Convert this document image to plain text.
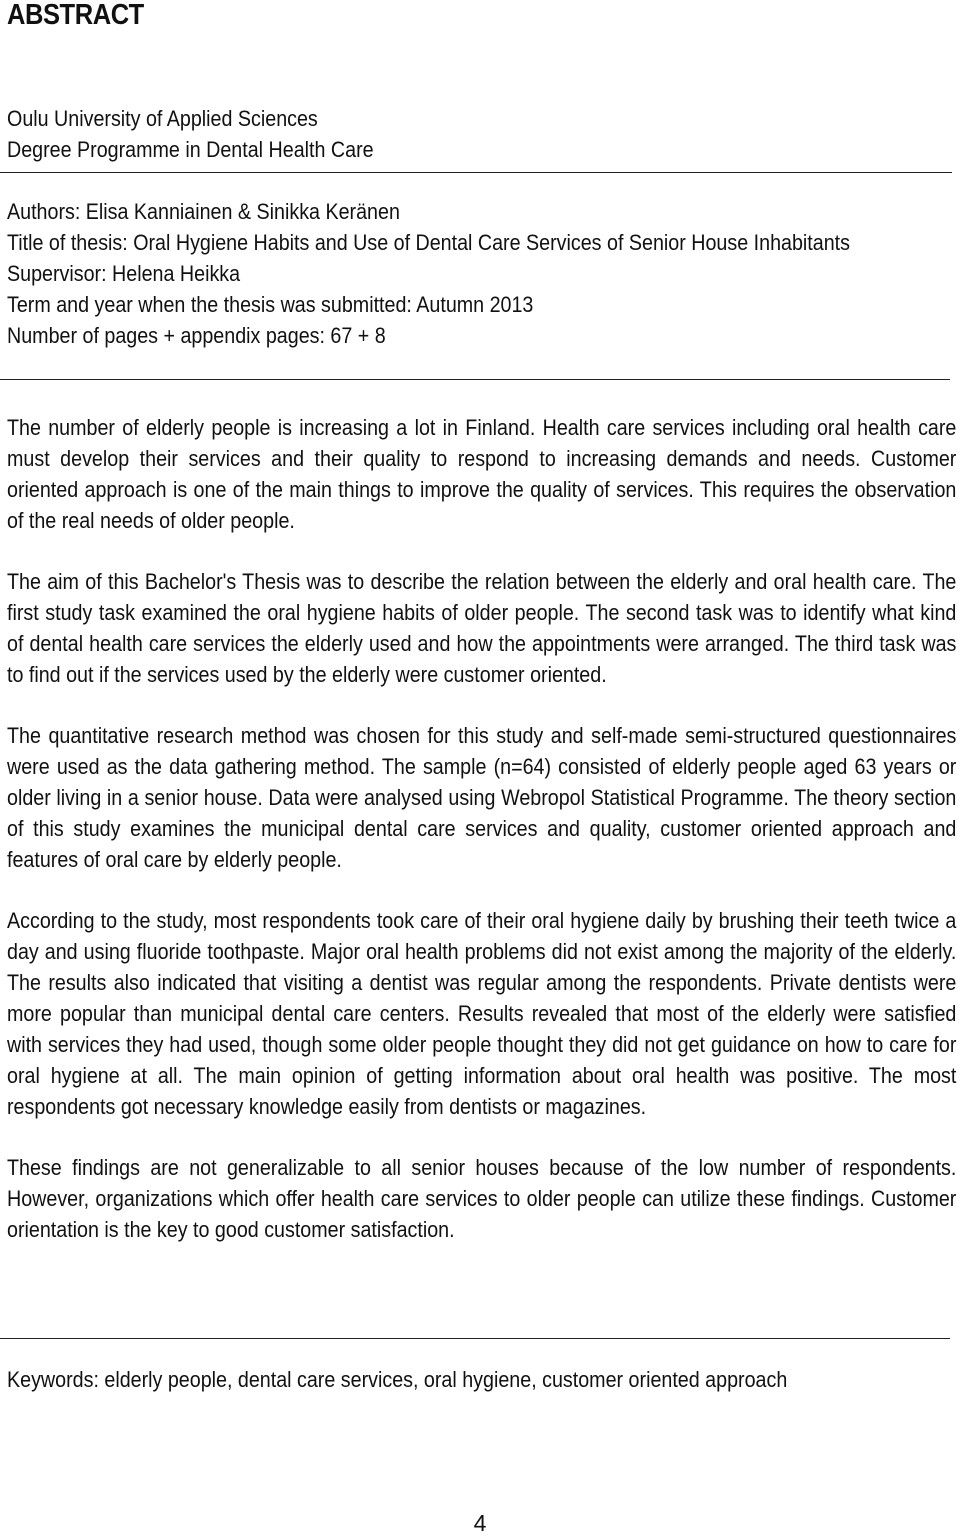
ABSTRACT
Oulu University of Applied Sciences
Degree Programme in Dental Health Care
Authors: Elisa Kanniainen & Sinikka Keränen
Title of thesis: Oral Hygiene Habits and Use of Dental Care Services of Senior House Inhabitants
Supervisor: Helena Heikka
Term and year when the thesis was submitted: Autumn 2013
Number of pages + appendix pages: 67 + 8

The number of elderly people is increasing a lot in Finland. Health care services including oral health care must develop their services and their quality to respond to increasing demands and needs. Customer oriented approach is one of the main things to improve the quality of services. This requires the observation of the real needs of older people.

The aim of this Bachelor's Thesis was to describe the relation between the elderly and oral health care. The first study task examined the oral hygiene habits of older people. The second task was to identify what kind of dental health care services the elderly used and how the appointments were arranged. The third task was to find out if the services used by the elderly were customer oriented.

The quantitative research method was chosen for this study and self-made semi-structured questionnaires were used as the data gathering method. The sample (n=64) consisted of elderly people aged 63 years or older living in a senior house. Data were analysed using Webropol Statistical Programme. The theory section of this study examines the municipal dental care services and quality, customer oriented approach and features of oral care by elderly people.

According to the study, most respondents took care of their oral hygiene daily by brushing their teeth twice a day and using fluoride toothpaste. Major oral health problems did not exist among the majority of the elderly. The results also indicated that visiting a dentist was regular among the respondents. Private dentists were more popular than municipal dental care centers. Results revealed that most of the elderly were satisfied with services they had used, though some older people thought they did not get guidance on how to care for oral hygiene at all. The main opinion of getting information about oral health was positive. The most respondents got necessary knowledge easily from dentists or magazines.

These findings are not generalizable to all senior houses because of the low number of respondents. However, organizations which offer health care services to older people can utilize these findings. Customer orientation is the key to good customer satisfaction.

Keywords: elderly people, dental care services, oral hygiene, customer oriented approach

4
